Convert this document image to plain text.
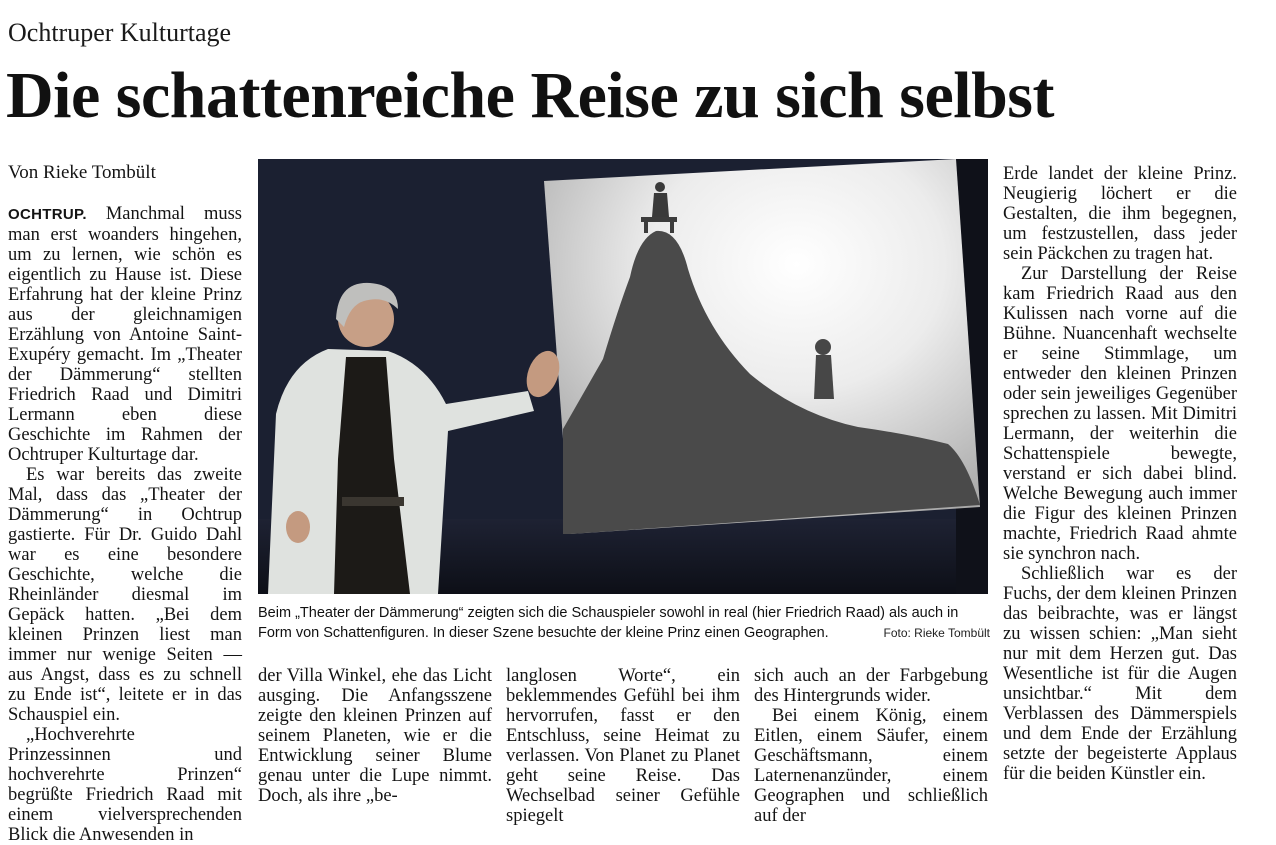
Ochtruper Kulturtage
Die schattenreiche Reise zu sich selbst

Von Rieke Tombült

OCHTRUP. Manchmal muss man erst woanders hingehen, um zu lernen, wie schön es eigentlich zu Hause ist. Diese Erfahrung hat der kleine Prinz aus der gleichnamigen Erzählung von Antoine Saint-Exupéry gemacht. Im „Theater der Dämmerung“ stellten Friedrich Raad und Dimitri Lermann eben diese Geschichte im Rahmen der Ochtruper Kulturtage dar.

Es war bereits das zweite Mal, dass das „Theater der Dämmerung“ in Ochtrup gastierte. Für Dr. Guido Dahl war es eine besondere Geschichte, welche die Rheinländer diesmal im Gepäck hatten. „Bei dem kleinen Prinzen liest man immer nur wenige Seiten — aus Angst, dass es zu schnell zu Ende ist“, leitete er in das Schauspiel ein.

„Hochverehrte Prinzessinnen und hochverehrte Prinzen“ begrüßte Friedrich Raad mit einem vielversprechenden Blick die Anwesenden in

Beim „Theater der Dämmerung“ zeigten sich die Schauspieler sowohl in real (hier Friedrich Raad) als auch in Form von Schattenfiguren. In dieser Szene besuchte der kleine Prinz einen Geographen.	Foto: Rieke Tombült

der Villa Winkel, ehe das Licht ausging. Die Anfangsszene zeigte den kleinen Prinzen auf seinem Planeten, wie er die Entwicklung seiner Blume genau unter die Lupe nimmt. Doch, als ihre „be-

langlosen Worte“, ein beklemmendes Gefühl bei ihm hervorrufen, fasst er den Entschluss, seine Heimat zu verlassen. Von Planet zu Planet geht seine Reise. Das Wechselbad seiner Gefühle spiegelt

sich auch an der Farbgebung des Hintergrunds wider.

Bei einem König, einem Eitlen, einem Säufer, einem Geschäftsmann, einem Laternenanzünder, einem Geographen und schließlich auf der

Erde landet der kleine Prinz. Neugierig löchert er die Gestalten, die ihm begegnen, um festzustellen, dass jeder sein Päckchen zu tragen hat.

Zur Darstellung der Reise kam Friedrich Raad aus den Kulissen nach vorne auf die Bühne. Nuancenhaft wechselte er seine Stimmlage, um entweder den kleinen Prinzen oder sein jeweiliges Gegenüber sprechen zu lassen. Mit Dimitri Lermann, der weiterhin die Schattenspiele bewegte, verstand er sich dabei blind. Welche Bewegung auch immer die Figur des kleinen Prinzen machte, Friedrich Raad ahmte sie synchron nach.

Schließlich war es der Fuchs, der dem kleinen Prinzen das beibrachte, was er längst zu wissen schien: „Man sieht nur mit dem Herzen gut. Das Wesentliche ist für die Augen unsichtbar.“ Mit dem Verblassen des Dämmerspiels und dem Ende der Erzählung setzte der begeisterte Applaus für die beiden Künstler ein.
